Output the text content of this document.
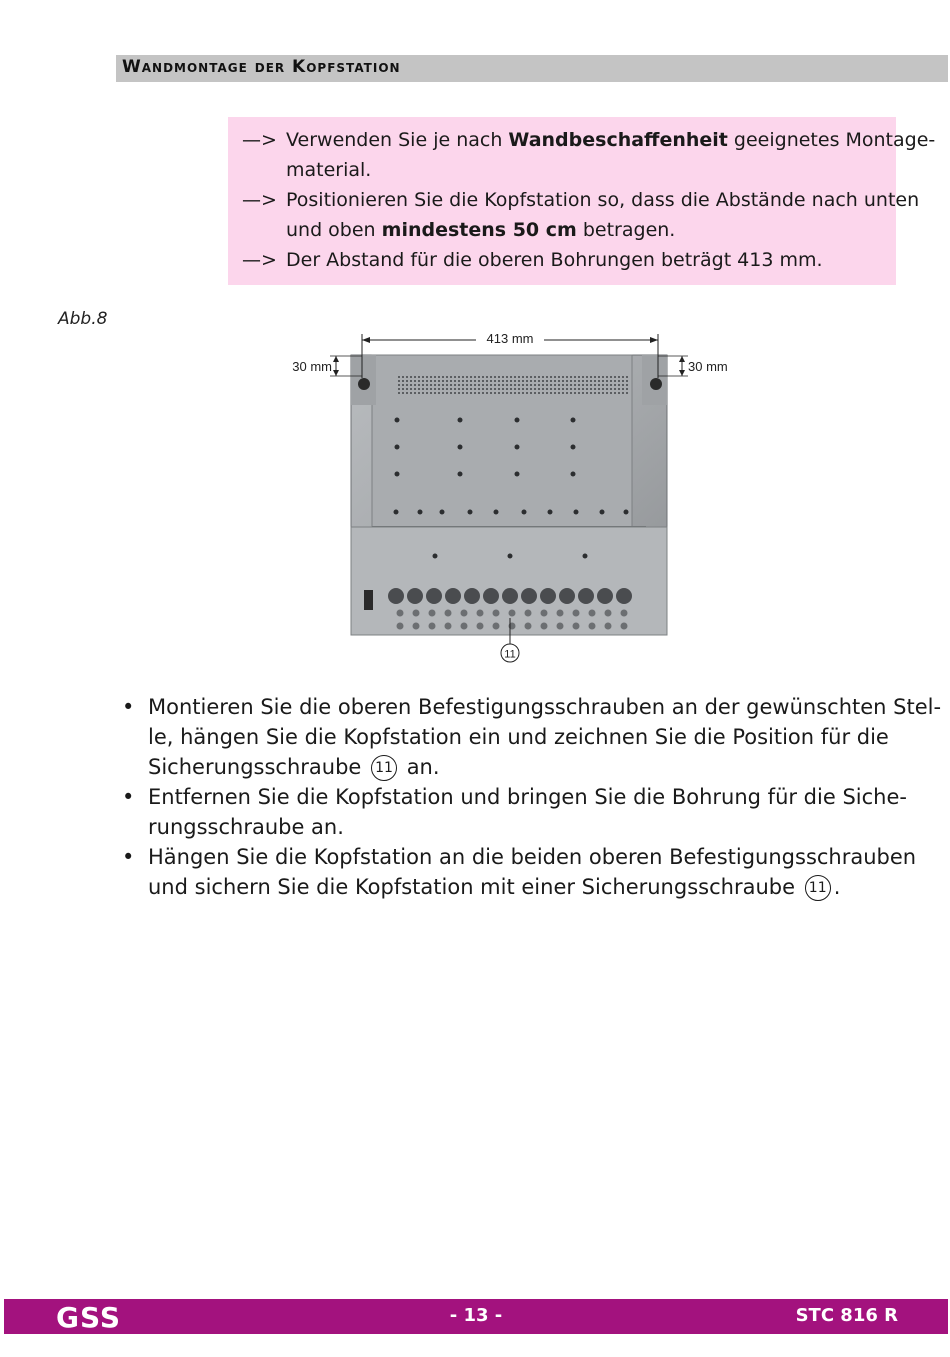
Wandmontage der Kopfstation
—> Verwenden Sie je nach Wandbeschaffenheit geeignetes Montage-
material.
—> Positionieren Sie die Kopfstation so, dass die Abstände nach unten
und oben mindestens 50 cm betragen.
—> Der Abstand für die oberen Bohrungen beträgt 413 mm.
Abb.8
413 mm
30 mm	30 mm
11
• Montieren Sie die oberen Befestigungsschrauben an der gewünschten Stel-
le, hängen Sie die Kopfstation ein und zeichnen Sie die Position für die
Sicherungsschraube 11 an.
• Entfernen Sie die Kopfstation und bringen Sie die Bohrung für die Siche-
rungsschraube an.
• Hängen Sie die Kopfstation an die beiden oberen Befestigungsschrauben
und sichern Sie die Kopfstation mit einer Sicherungsschraube 11 .
GSS	- 13 -	STC 816 R
